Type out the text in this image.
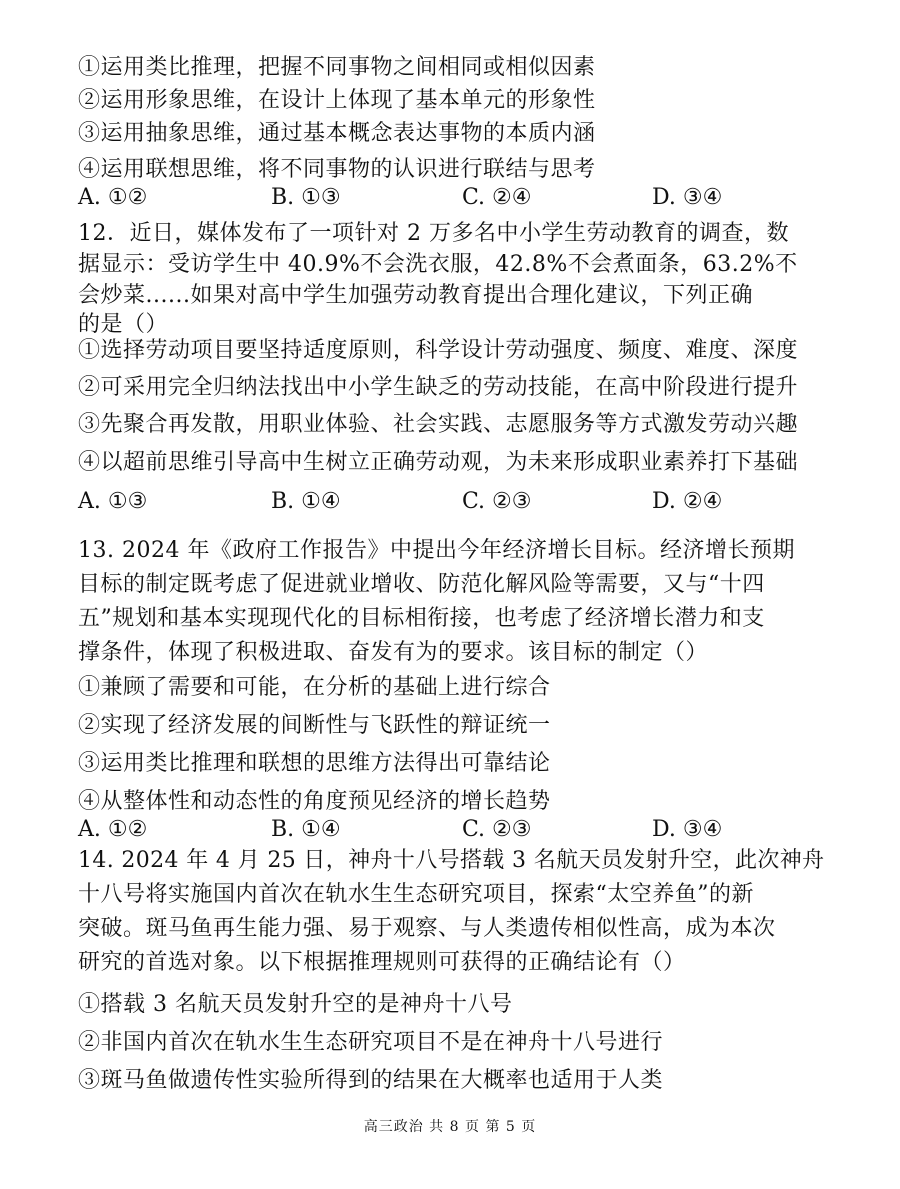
①运用类比推理，把握不同事物之间相同或相似因素
②运用形象思维，在设计上体现了基本单元的形象性
③运用抽象思维，通过基本概念表达事物的本质内涵
④运用联想思维，将不同事物的认识进行联结与思考
A. ①②	B. ①③	C. ②④	D. ③④
12．近日，媒体发布了一项针对 2 万多名中小学生劳动教育的调查，数
据显示：受访学生中 40.9%不会洗衣服，42.8%不会煮面条，63.2%不
会炒菜......如果对高中学生加强劳动教育提出合理化建议，下列正确
的是（）
①选择劳动项目要坚持适度原则，科学设计劳动强度、频度、难度、深度
②可采用完全归纳法找出中小学生缺乏的劳动技能，在高中阶段进行提升
③先聚合再发散，用职业体验、社会实践、志愿服务等方式激发劳动兴趣
④以超前思维引导高中生树立正确劳动观，为未来形成职业素养打下基础
A. ①③	B. ①④	C. ②③	D. ②④
13. 2024 年《政府工作报告》中提出今年经济增长目标。经济增长预期
目标的制定既考虑了促进就业增收、防范化解风险等需要，又与“十四
五”规划和基本实现现代化的目标相衔接，也考虑了经济增长潜力和支
撑条件，体现了积极进取、奋发有为的要求。该目标的制定（）
①兼顾了需要和可能，在分析的基础上进行综合
②实现了经济发展的间断性与飞跃性的辩证统一
③运用类比推理和联想的思维方法得出可靠结论
④从整体性和动态性的角度预见经济的增长趋势
A. ①②	B. ①④	C. ②③	D. ③④
14. 2024 年 4 月 25 日，神舟十八号搭载 3 名航天员发射升空，此次神舟
十八号将实施国内首次在轨水生生态研究项目，探索“太空养鱼”的新
突破。斑马鱼再生能力强、易于观察、与人类遗传相似性高，成为本次
研究的首选对象。以下根据推理规则可获得的正确结论有（）
①搭载 3 名航天员发射升空的是神舟十八号
②非国内首次在轨水生生态研究项目不是在神舟十八号进行
③斑马鱼做遗传性实验所得到的结果在大概率也适用于人类
高三政治 共 8 页 第 5 页
